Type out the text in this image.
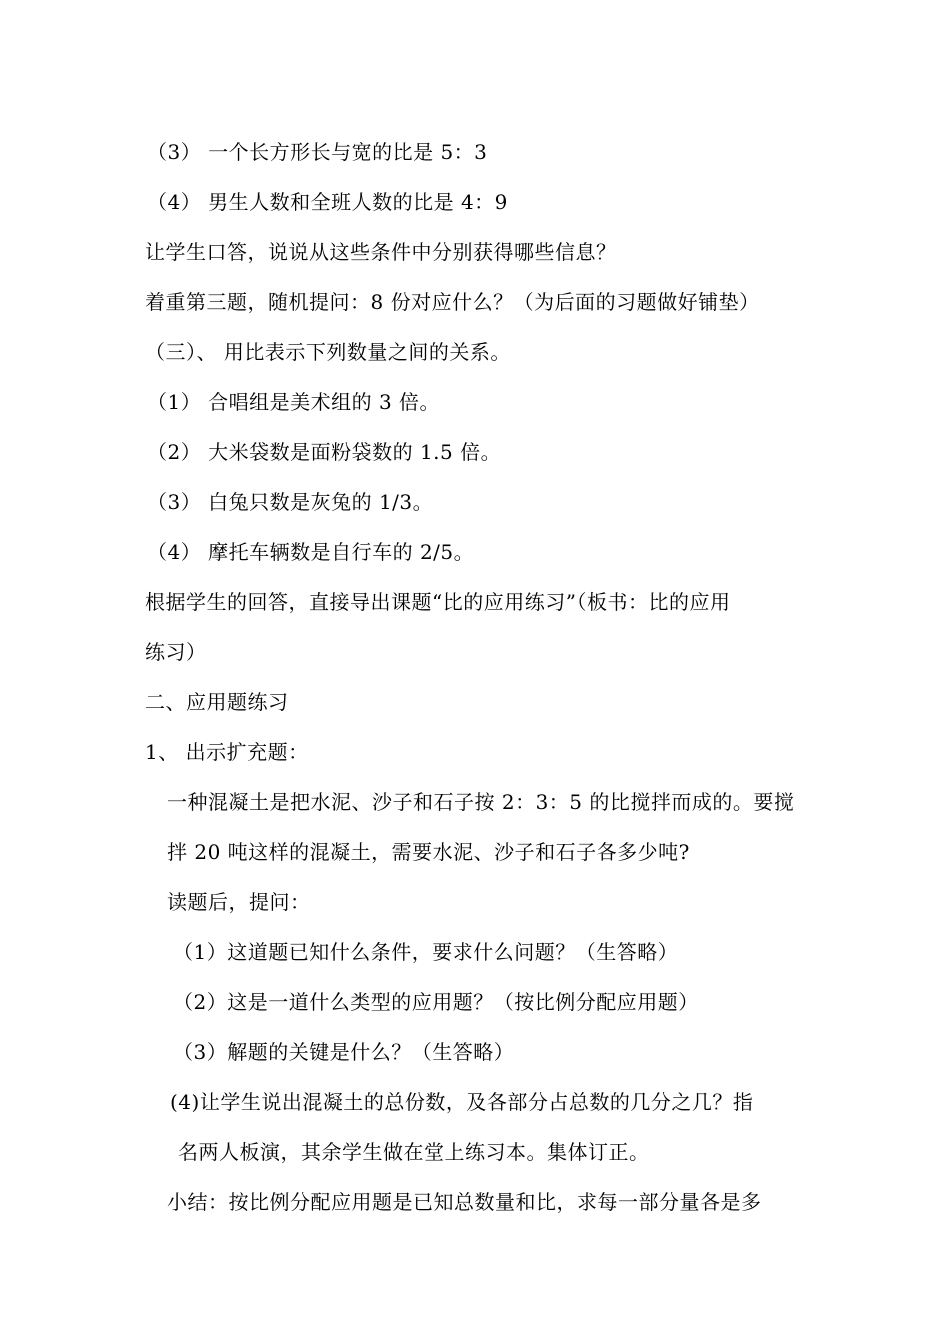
（3） 一个长方形长与宽的比是 5：3
（4） 男生人数和全班人数的比是 4：9
让学生口答，说说从这些条件中分别获得哪些信息？
着重第三题，随机提问：8 份对应什么？（为后面的习题做好铺垫）
（三）、 用比表示下列数量之间的关系。
（1） 合唱组是美术组的 3 倍。
（2） 大米袋数是面粉袋数的 1.5 倍。
（3） 白兔只数是灰兔的 1/3。
（4） 摩托车辆数是自行车的 2/5。
根据学生的回答，直接导出课题“比的应用练习”（板书：比的应用
练习）
二、应用题练习
1、 出示扩充题：
一种混凝土是把水泥、沙子和石子按 2：3：5 的比搅拌而成的。要搅
拌 20 吨这样的混凝土，需要水泥、沙子和石子各多少吨?
读题后，提问：
（1）这道题已知什么条件，要求什么问题？（生答略）
（2）这是一道什么类型的应用题？（按比例分配应用题）
（3）解题的关键是什么？（生答略）
(4)让学生说出混凝土的总份数，及各部分占总数的几分之几？指
名两人板演，其余学生做在堂上练习本。集体订正。
小结：按比例分配应用题是已知总数量和比，求每一部分量各是多
